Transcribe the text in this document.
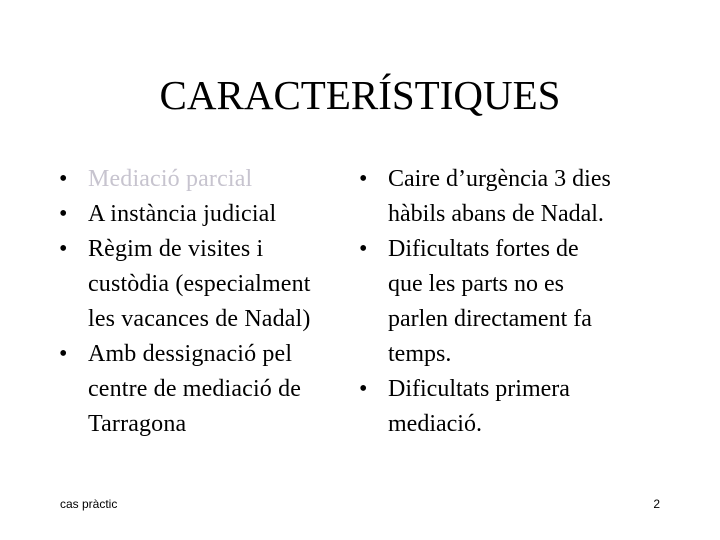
CARACTERÍSTIQUES
• Mediació parcial
• A instància judicial
• Règim de visites i
custòdia (especialment
les vacances de Nadal)
• Amb dessignació pel
centre de mediació de
Tarragona
• Caire d’urgència 3 dies
hàbils abans de Nadal.
• Dificultats fortes de
que les parts no es
parlen directament fa
temps.
• Dificultats primera
mediació.
cas pràctic	2
